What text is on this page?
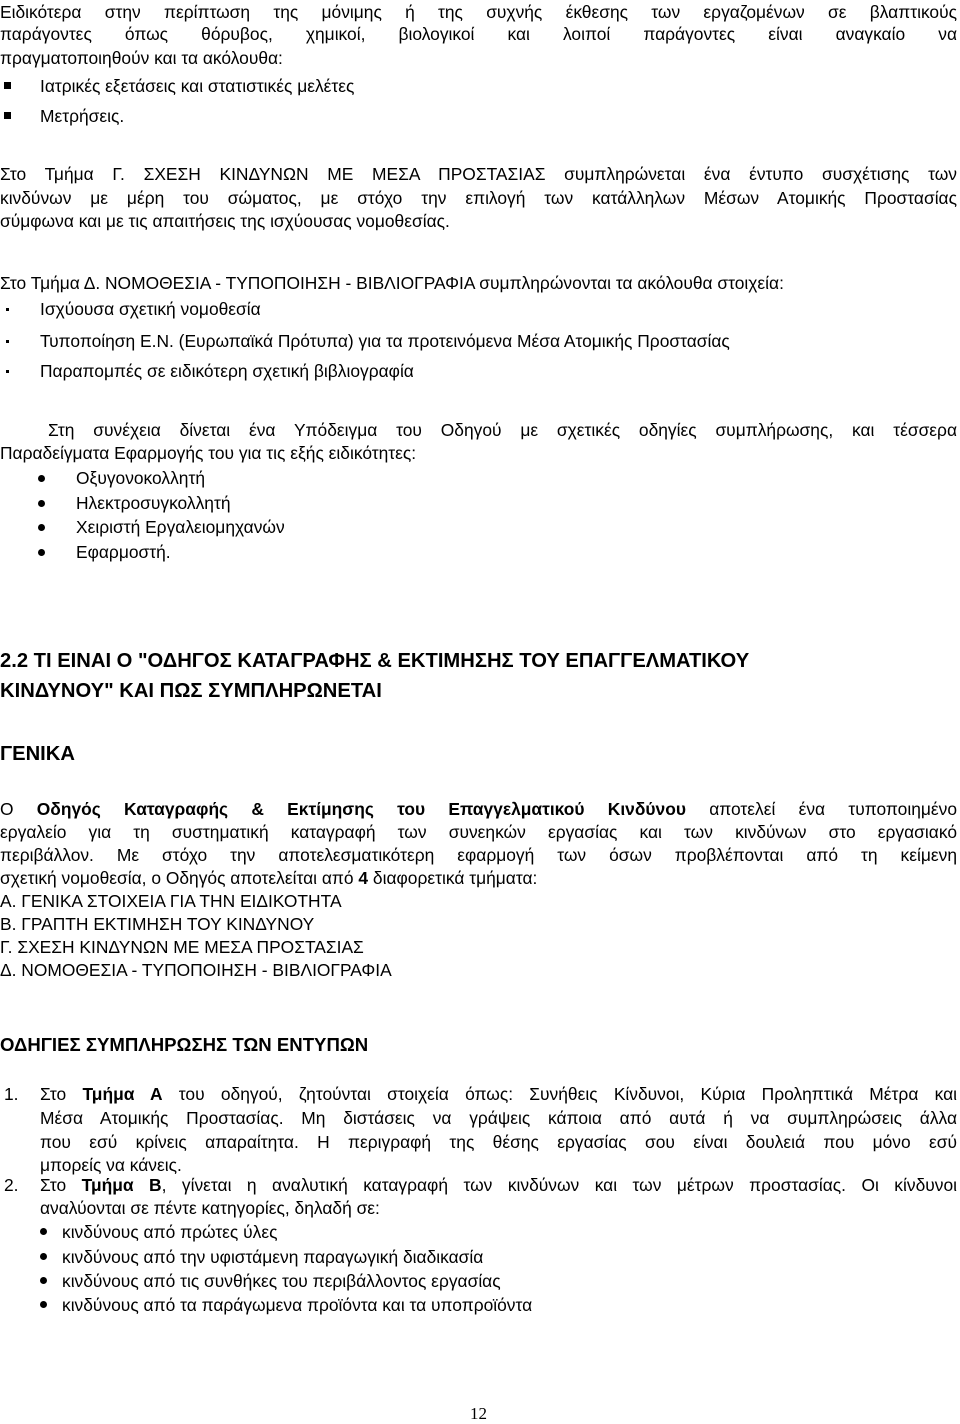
Ειδικότερα στην περίπτωση της μόνιμης ή της συχνής έκθεσης των εργαζομένων σε βλαπτικούς
παράγοντες όπως θόρυβος, χημικοί, βιολογικοί και λοιποί παράγοντες είναι αναγκαίο να
πραγματοποιηθούν και τα ακόλουθα:
Ιατρικές εξετάσεις και στατιστικές μελέτες
Μετρήσεις.
Στο Τμήμα Γ. ΣΧΕΣΗ ΚΙΝΔΥΝΩΝ ΜΕ ΜΕΣΑ ΠΡΟΣΤΑΣΙΑΣ συμπληρώνεται ένα έντυπο συσχέτισης των
κινδύνων με μέρη του σώματος, με στόχο την επιλογή των κατάλληλων Μέσων Ατομικής Προστασίας
σύμφωνα και με τις απαιτήσεις της ισχύουσας νομοθεσίας.
Στο Τμήμα Δ. ΝΟΜΟΘΕΣΙΑ - ΤΥΠΟΠΟΙΗΣΗ - ΒΙΒΛΙΟΓΡΑΦΙΑ συμπληρώνονται τα ακόλουθα στοιχεία:
Ισχύουσα σχετική νομοθεσία
Τυποποίηση Ε.Ν. (Ευρωπαϊκά Πρότυπα) για τα προτεινόμενα Μέσα Ατομικής Προστασίας
Παραπομπές σε ειδικότερη σχετική βιβλιογραφία
Στη συνέχεια δίνεται ένα Υπόδειγμα του Οδηγού με σχετικές οδηγίες συμπλήρωσης, και τέσσερα
Παραδείγματα Εφαρμογής του για τις εξής ειδικότητες:
Οξυγονοκολλητή
Ηλεκτροσυγκολλητή
Χειριστή Εργαλειομηχανών
Εφαρμοστή.
2.2 ΤΙ ΕΙΝΑΙ Ο "ΟΔΗΓΟΣ ΚΑΤΑΓΡΑΦΗΣ & ΕΚΤΙΜΗΣΗΣ ΤΟΥ ΕΠΑΓΓΕΛΜΑΤΙΚΟΥ
ΚΙΝΔΥΝΟΥ" ΚΑΙ ΠΩΣ ΣΥΜΠΛΗΡΩΝΕΤΑΙ
ΓΕΝΙΚΑ
Ο Οδηγός Καταγραφής & Εκτίμησης του Επαγγελματικού Κινδύνου αποτελεί ένα τυποποιημένο
εργαλείο για τη συστηματική καταγραφή των συνεηκών εργασίας και των κινδύνων στο εργασιακό
περιβάλλον. Με στόχο την αποτελεσματικότερη εφαρμογή των όσων προβλέπονται από τη κείμενη
σχετική νομοθεσία, ο Οδηγός αποτελείται από 4 διαφορετικά τμήματα:
Α. ΓΕΝΙΚΑ ΣΤΟΙΧΕΙΑ ΓΙΑ ΤΗΝ ΕΙΔΙΚΟΤΗΤΑ
Β. ΓΡΑΠΤΗ ΕΚΤΙΜΗΣΗ ΤΟΥ ΚΙΝΔΥΝΟΥ
Γ. ΣΧΕΣΗ ΚΙΝΔΥΝΩΝ ΜΕ ΜΕΣΑ ΠΡΟΣΤΑΣΙΑΣ
Δ. ΝΟΜΟΘΕΣΙΑ - ΤΥΠΟΠΟΙΗΣΗ - ΒΙΒΛΙΟΓΡΑΦΙΑ
ΟΔΗΓΙΕΣ ΣΥΜΠΛΗΡΩΣΗΣ ΤΩΝ ΕΝΤΥΠΩΝ
1. Στο Τμήμα Α του οδηγού, ζητούνται στοιχεία όπως: Συνήθεις Κίνδυνοι, Κύρια Προληπτικά Μέτρα και
Μέσα Ατομικής Προστασίας. Μη διστάσεις να γράψεις κάποια από αυτά ή να συμπληρώσεις άλλα
που εσύ κρίνεις απαραίτητα. Η περιγραφή της θέσης εργασίας σου είναι δουλειά που μόνο εσύ
μπορείς να κάνεις.
2. Στο Τμήμα Β, γίνεται η αναλυτική καταγραφή των κινδύνων και των μέτρων προστασίας. Οι κίνδυνοι
αναλύονται σε πέντε κατηγορίες, δηλαδή σε:
κινδύνους από πρώτες ύλες
κινδύνους από την υφιστάμενη παραγωγική διαδικασία
κινδύνους από τις συνθήκες του περιβάλλοντος εργασίας
κινδύνους από τα παράγωμενα προϊόντα και τα υποπροϊόντα
12
